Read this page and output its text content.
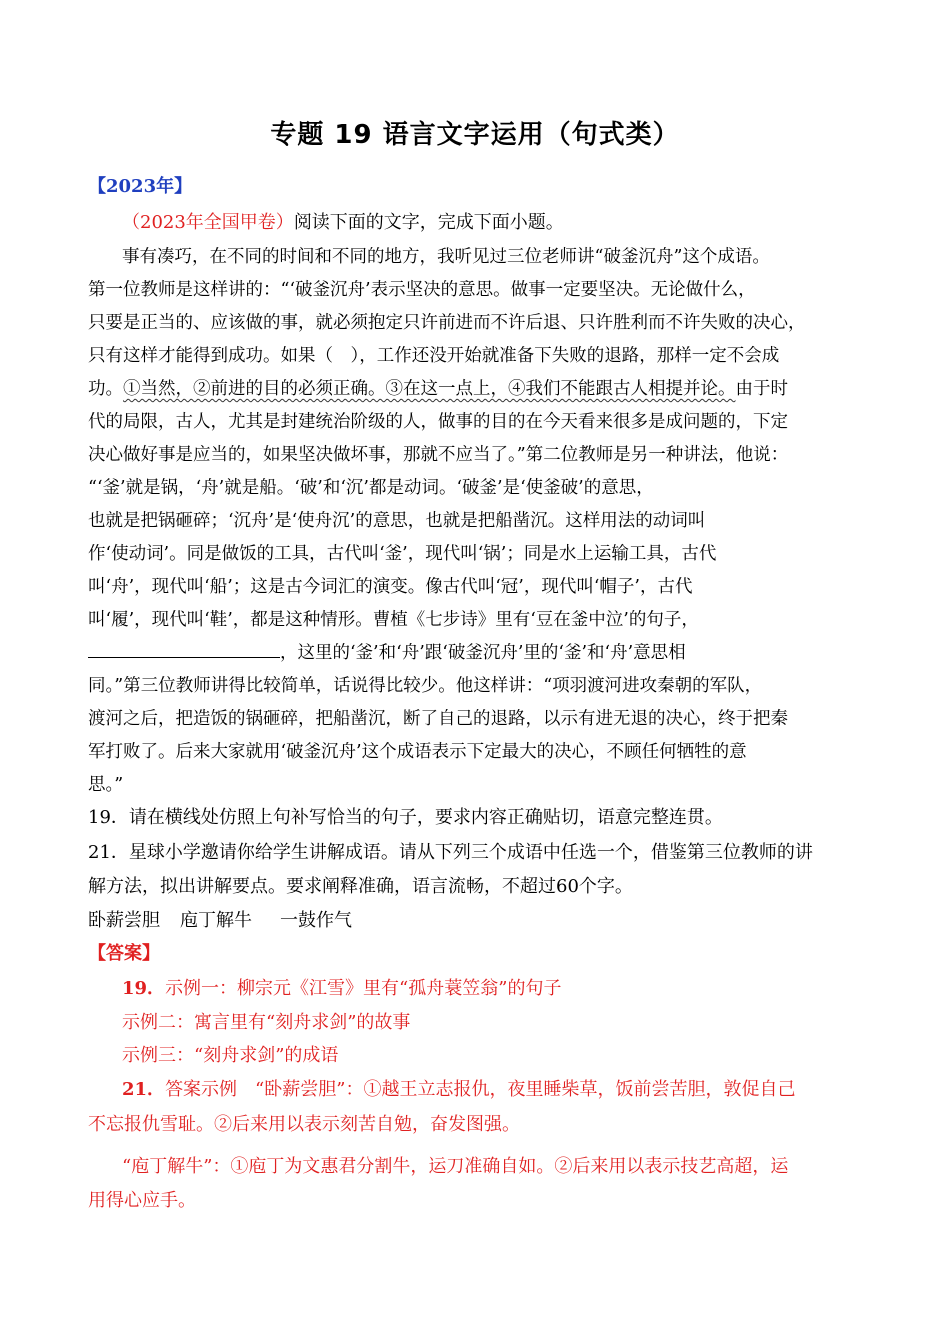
专题 19 语言文字运用（句式类）
【2023年】
（2023年全国甲卷）阅读下面的文字，完成下面小题。
事有凑巧，在不同的时间和不同的地方，我听见过三位老师讲“破釜沉舟”这个成语。
第一位教师是这样讲的：“‘破釜沉舟’表示坚决的意思。做事一定要坚决。无论做什么，
只要是正当的、应该做的事，就必须抱定只许前进而不许后退、只许胜利而不许失败的决心，
只有这样才能得到成功。如果（　），工作还没开始就准备下失败的退路，那样一定不会成
功。①当然，②前进的目的必须正确。③在这一点上，④我们不能跟古人相提并论。由于时
代的局限，古人，尤其是封建统治阶级的人，做事的目的在今天看来很多是成问题的，下定
决心做好事是应当的，如果坚决做坏事，那就不应当了。”第二位教师是另一种讲法，他说：
“‘釜’就是锅，‘舟’就是船。‘破’和‘沉’都是动词。‘破釜’是‘使釜破’的意思，
也就是把锅砸碎；‘沉舟’是‘使舟沉’的意思，也就是把船凿沉。这样用法的动词叫
作‘使动词’。同是做饭的工具，古代叫‘釜’，现代叫‘锅’；同是水上运输工具，古代
叫‘舟’，现代叫‘船’；这是古今词汇的演变。像古代叫‘冠’，现代叫‘帽子’，古代
叫‘履’，现代叫‘鞋’，都是这种情形。曹植《七步诗》里有‘豆在釜中泣’的句子，
，这里的‘釜’和‘舟’跟‘破釜沉舟’里的‘釜’和‘舟’意思相
同。”第三位教师讲得比较简单，话说得比较少。他这样讲：“项羽渡河进攻秦朝的军队，
渡河之后，把造饭的锅砸碎，把船凿沉，断了自己的退路，以示有进无退的决心，终于把秦
军打败了。后来大家就用‘破釜沉舟’这个成语表示下定最大的决心，不顾任何牺牲的意
思。”
19．请在横线处仿照上句补写恰当的句子，要求内容正确贴切，语意完整连贯。
21．星球小学邀请你给学生讲解成语。请从下列三个成语中任选一个，借鉴第三位教师的讲
解方法，拟出讲解要点。要求阐释准确，语言流畅，不超过60个字。
卧薪尝胆 庖丁解牛 一鼓作气
【答案】
19．示例一：柳宗元《江雪》里有“孤舟蓑笠翁”的句子
示例二：寓言里有“刻舟求剑”的故事
示例三：“刻舟求剑”的成语
21．答案示例　“卧薪尝胆”：①越王立志报仇，夜里睡柴草，饭前尝苦胆，敦促自己
不忘报仇雪耻。②后来用以表示刻苦自勉，奋发图强。
“庖丁解牛”：①庖丁为文惠君分割牛，运刀准确自如。②后来用以表示技艺高超，运
用得心应手。
